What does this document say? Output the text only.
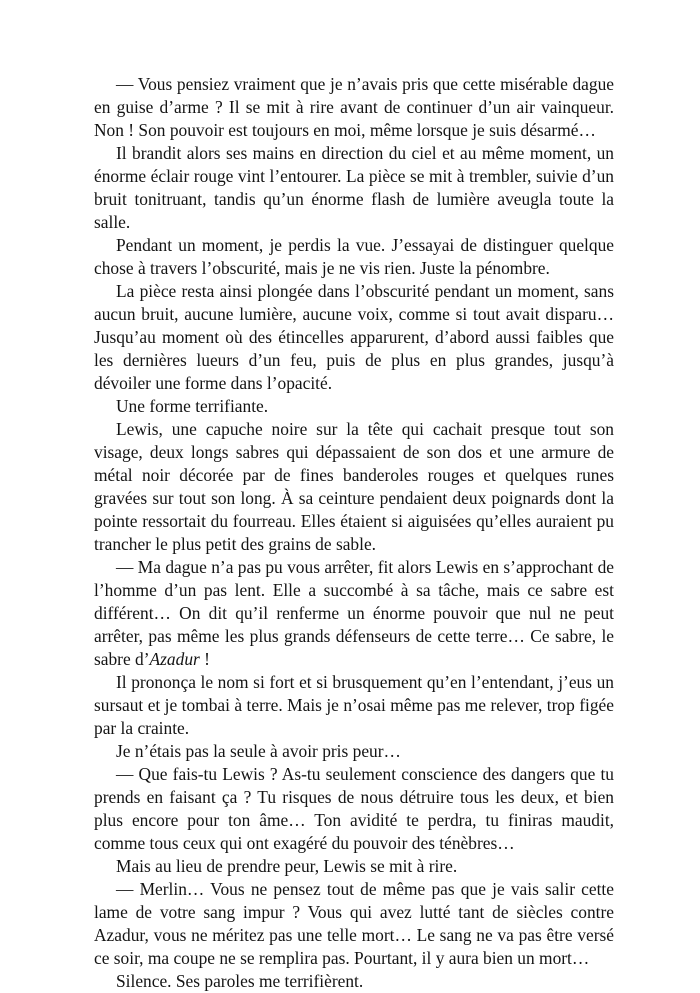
— Vous pensiez vraiment que je n’avais pris que cette misérable dague en guise d’arme ? Il se mit à rire avant de continuer d’un air vainqueur. Non ! Son pouvoir est toujours en moi, même lorsque je suis désarmé…

Il brandit alors ses mains en direction du ciel et au même moment, un énorme éclair rouge vint l’entourer. La pièce se mit à trembler, suivie d’un bruit tonitruant, tandis qu’un énorme flash de lumière aveugla toute la salle.

Pendant un moment, je perdis la vue. J’essayai de distinguer quelque chose à travers l’obscurité, mais je ne vis rien. Juste la pénombre.

La pièce resta ainsi plongée dans l’obscurité pendant un moment, sans aucun bruit, aucune lumière, aucune voix, comme si tout avait disparu… Jusqu’au moment où des étincelles apparurent, d’abord aussi faibles que les dernières lueurs d’un feu, puis de plus en plus grandes, jusqu’à dévoiler une forme dans l’opacité.

Une forme terrifiante.

Lewis, une capuche noire sur la tête qui cachait presque tout son visage, deux longs sabres qui dépassaient de son dos et une armure de métal noir décorée par de fines banderoles rouges et quelques runes gravées sur tout son long. À sa ceinture pendaient deux poignards dont la pointe ressortait du fourreau. Elles étaient si aiguisées qu’elles auraient pu trancher le plus petit des grains de sable.

— Ma dague n’a pas pu vous arrêter, fit alors Lewis en s’approchant de l’homme d’un pas lent. Elle a succombé à sa tâche, mais ce sabre est différent… On dit qu’il renferme un énorme pouvoir que nul ne peut arrêter, pas même les plus grands défenseurs de cette terre… Ce sabre, le sabre d’Azadur !

Il prononça le nom si fort et si brusquement qu’en l’entendant, j’eus un sursaut et je tombai à terre. Mais je n’osai même pas me relever, trop figée par la crainte.

Je n’étais pas la seule à avoir pris peur…

— Que fais-tu Lewis ? As-tu seulement conscience des dangers que tu prends en faisant ça ? Tu risques de nous détruire tous les deux, et bien plus encore pour ton âme… Ton avidité te perdra, tu finiras maudit, comme tous ceux qui ont exagéré du pouvoir des ténèbres…

Mais au lieu de prendre peur, Lewis se mit à rire.

— Merlin… Vous ne pensez tout de même pas que je vais salir cette lame de votre sang impur ? Vous qui avez lutté tant de siècles contre Azadur, vous ne méritez pas une telle mort… Le sang ne va pas être versé ce soir, ma coupe ne se remplira pas. Pourtant, il y aura bien un mort…

Silence. Ses paroles me terrifièrent.
